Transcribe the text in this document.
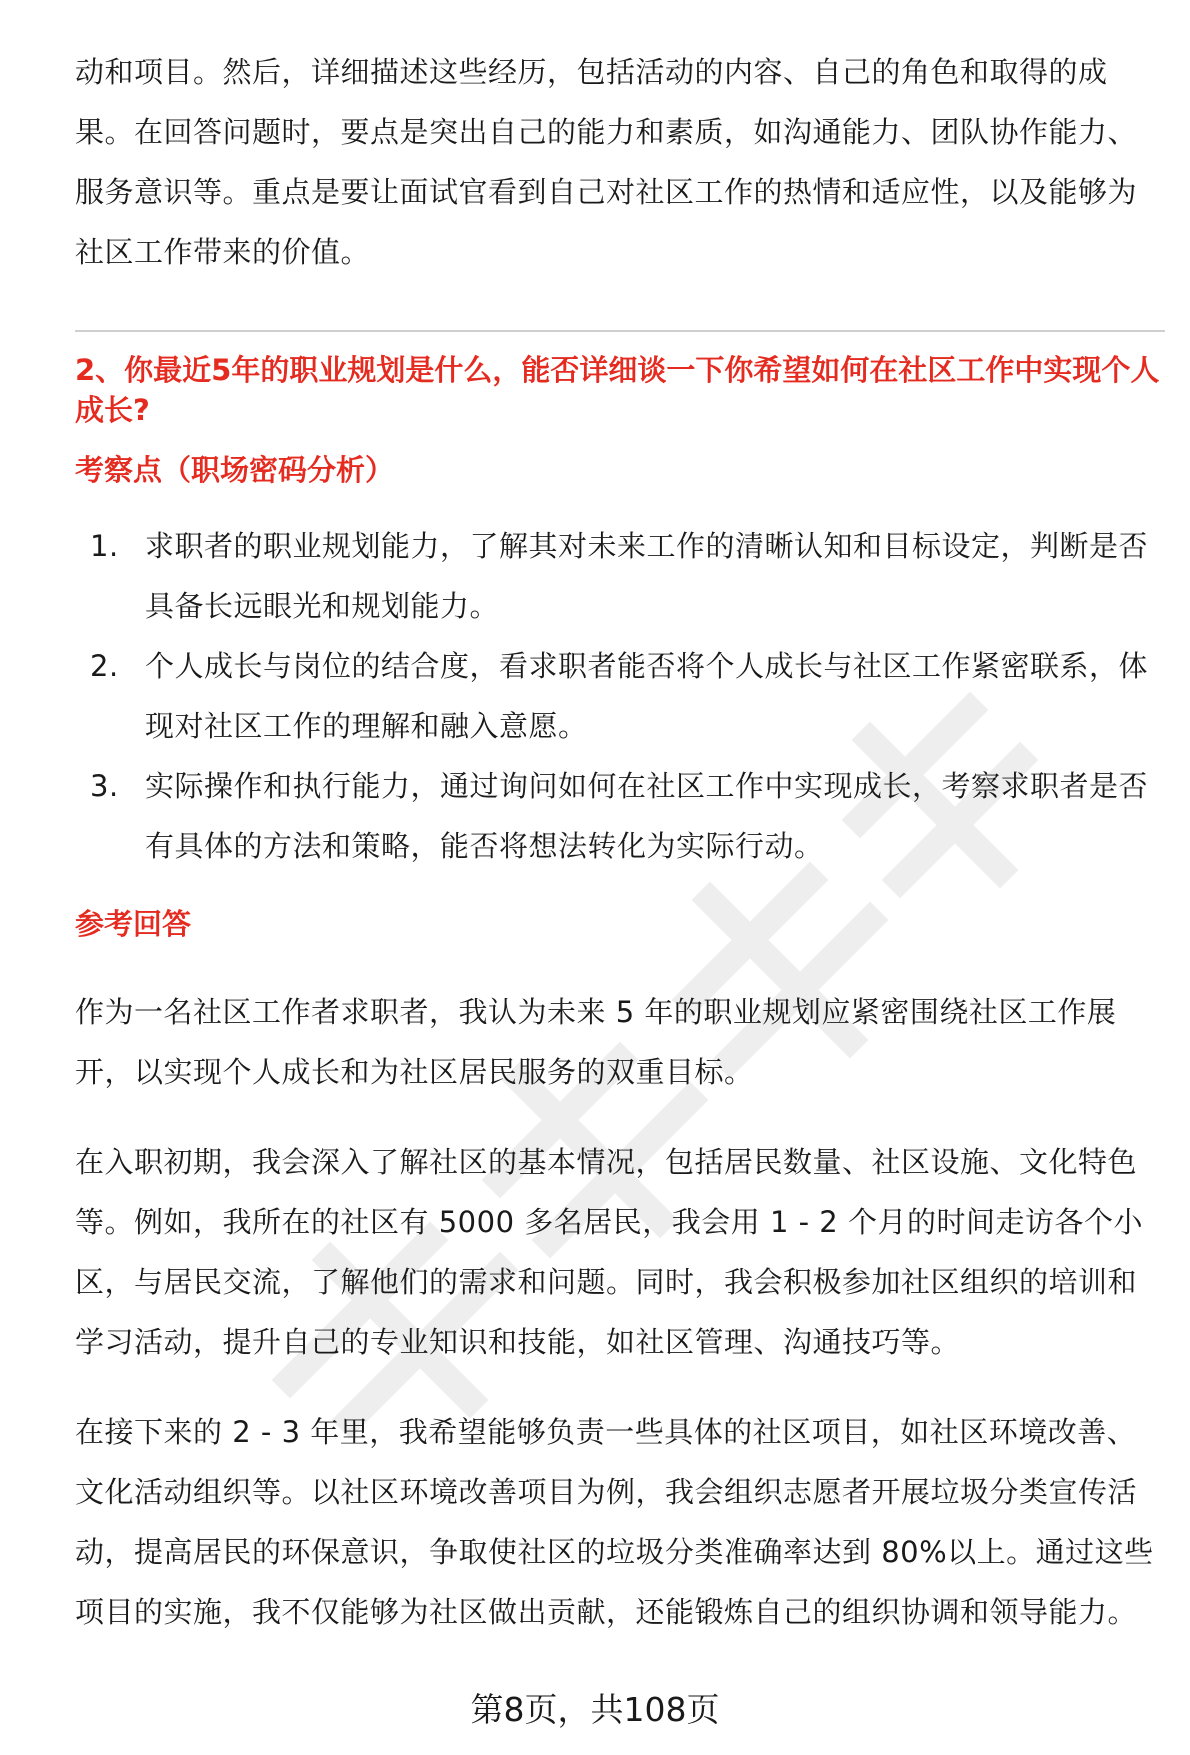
动和项目。然后，详细描述这些经历，包括活动的内容、自己的角色和取得的成果。在回答问题时，要点是突出自己的能力和素质，如沟通能力、团队协作能力、服务意识等。重点是要让面试官看到自己对社区工作的热情和适应性，以及能够为社区工作带来的价值。

2、你最近5年的职业规划是什么，能否详细谈一下你希望如何在社区工作中实现个人成长?
考察点（职场密码分析）
1. 求职者的职业规划能力，了解其对未来工作的清晰认知和目标设定，判断是否具备长远眼光和规划能力。
2. 个人成长与岗位的结合度，看求职者能否将个人成长与社区工作紧密联系，体现对社区工作的理解和融入意愿。
3. 实际操作和执行能力，通过询问如何在社区工作中实现成长，考察求职者是否有具体的方法和策略，能否将想法转化为实际行动。
参考回答

作为一名社区工作者求职者，我认为未来 5 年的职业规划应紧密围绕社区工作展开，以实现个人成长和为社区居民服务的双重目标。

在入职初期，我会深入了解社区的基本情况，包括居民数量、社区设施、文化特色等。例如，我所在的社区有 5000 多名居民，我会用 1 - 2 个月的时间走访各个小区，与居民交流，了解他们的需求和问题。同时，我会积极参加社区组织的培训和学习活动，提升自己的专业知识和技能，如社区管理、沟通技巧等。

在接下来的 2 - 3 年里，我希望能够负责一些具体的社区项目，如社区环境改善、文化活动组织等。以社区环境改善项目为例，我会组织志愿者开展垃圾分类宣传活动，提高居民的环保意识，争取使社区的垃圾分类准确率达到 80%以上。通过这些项目的实施，我不仅能够为社区做出贡献，还能锻炼自己的组织协调和领导能力。

第8页，共108页
